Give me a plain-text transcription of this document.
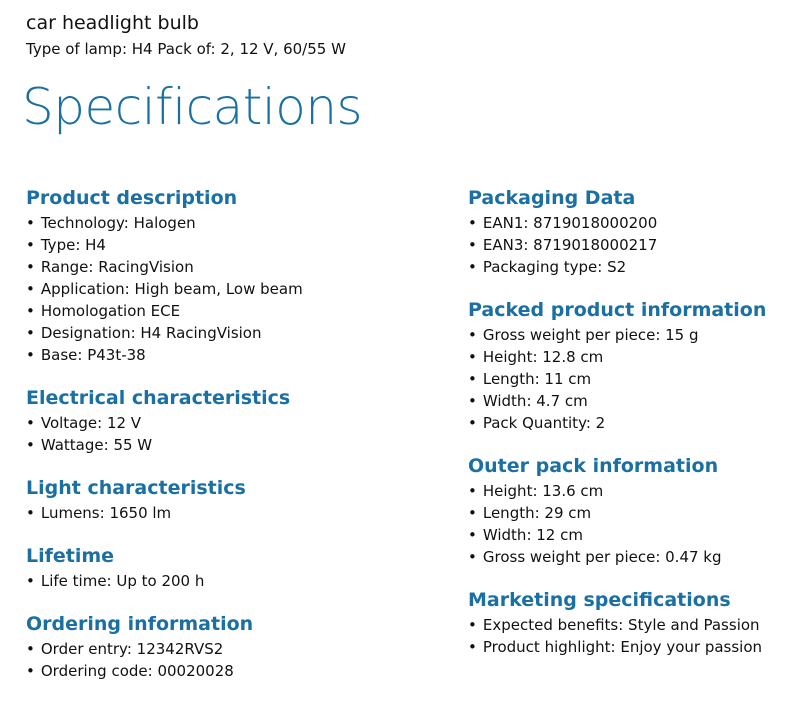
car headlight bulb
Type of lamp: H4 Pack of: 2, 12 V, 60/55 W
Specifications
Product description
• Technology: Halogen
• Type: H4
• Range: RacingVision
• Application: High beam, Low beam
• Homologation ECE
• Designation: H4 RacingVision
• Base: P43t-38
Electrical characteristics
• Voltage: 12 V
• Wattage: 55 W
Light characteristics
• Lumens: 1650 lm
Lifetime
• Life time: Up to 200 h
Ordering information
• Order entry: 12342RVS2
• Ordering code: 00020028
Packaging Data
• EAN1: 8719018000200
• EAN3: 8719018000217
• Packaging type: S2
Packed product information
• Gross weight per piece: 15 g
• Height: 12.8 cm
• Length: 11 cm
• Width: 4.7 cm
• Pack Quantity: 2
Outer pack information
• Height: 13.6 cm
• Length: 29 cm
• Width: 12 cm
• Gross weight per piece: 0.47 kg
Marketing specifications
• Expected benefits: Style and Passion
• Product highlight: Enjoy your passion
